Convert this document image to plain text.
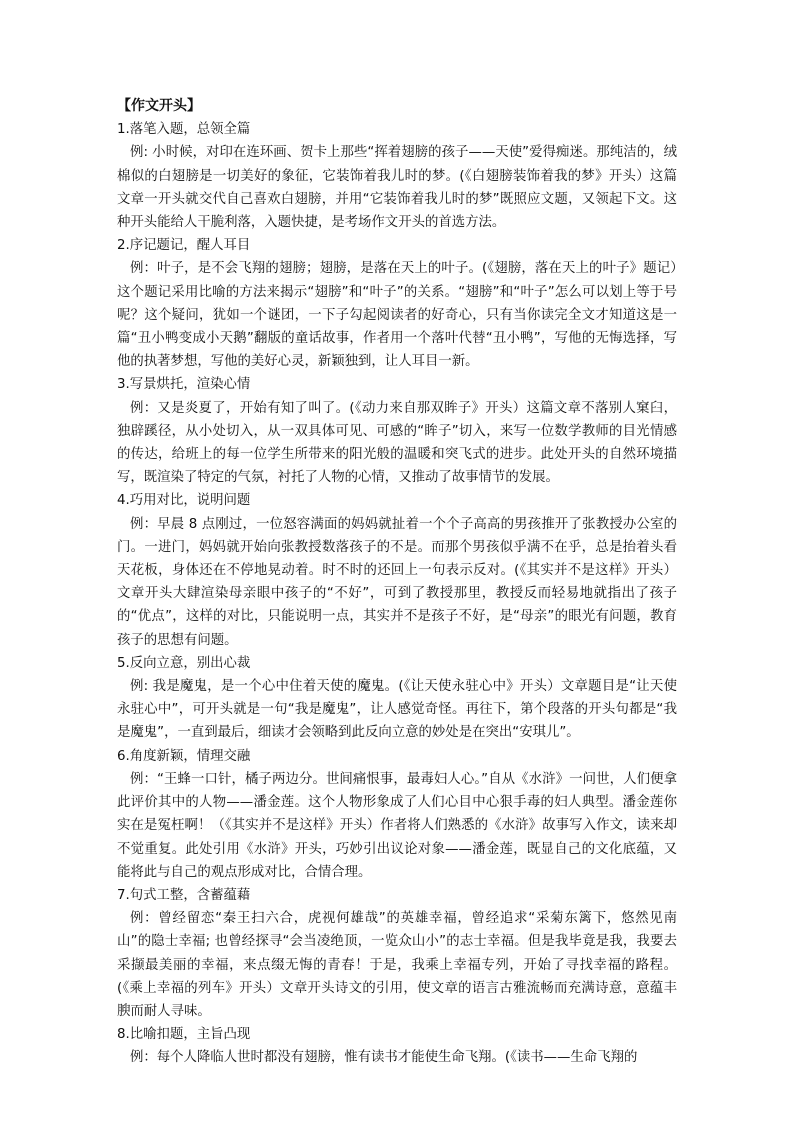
【作文开头】

1.落笔入题，总领全篇

例: 小时候，对印在连环画、贺卡上那些“挥着翅膀的孩子——天使”爱得痴迷。那纯洁的，绒棉似的白翅膀是一切美好的象征，它装饰着我儿时的梦。(《白翅膀装饰着我的梦》开头）这篇文章一开头就交代自己喜欢白翅膀，并用“它装饰着我儿时的梦”既照应文题，又领起下文。这种开头能给人干脆利落，入题快捷，是考场作文开头的首选方法。

2.序记题记，醒人耳目

例：叶子，是不会飞翔的翅膀；翅膀，是落在天上的叶子。(《翅膀，落在天上的叶子》题记）这个题记采用比喻的方法来揭示“翅膀”和“叶子”的关系。“翅膀”和“叶子”怎么可以划上等于号呢？这个疑问，犹如一个谜团，一下子勾起阅读者的好奇心，只有当你读完全文才知道这是一篇“丑小鸭变成小天鹅”翻版的童话故事，作者用一个落叶代替“丑小鸭”，写他的无悔选择，写他的执著梦想，写他的美好心灵，新颖独到，让人耳目一新。

3.写景烘托，渲染心情

例：又是炎夏了，开始有知了叫了。(《动力来自那双眸子》开头）这篇文章不落别人窠臼，独辟蹊径，从小处切入，从一双具体可见、可感的“眸子”切入，来写一位数学教师的目光情感的传达，给班上的每一位学生所带来的阳光般的温暖和突飞式的进步。此处开头的自然环境描写，既渲染了特定的气氛，衬托了人物的心情，又推动了故事情节的发展。

4.巧用对比，说明问题

例：早晨 8 点刚过，一位怒容满面的妈妈就扯着一个个子高高的男孩推开了张教授办公室的门。一进门，妈妈就开始向张教授数落孩子的不是。而那个男孩似乎满不在乎，总是抬着头看天花板，身体还在不停地晃动着。时不时的还回上一句表示反对。(《其实并不是这样》开头）文章开头大肆渲染母亲眼中孩子的“不好”，可到了教授那里，教授反而轻易地就指出了孩子的“优点”，这样的对比，只能说明一点，其实并不是孩子不好，是“母亲”的眼光有问题，教育孩子的思想有问题。

5.反向立意，别出心裁

例: 我是魔鬼，是一个心中住着天使的魔鬼。(《让天使永驻心中》开头）文章题目是“让天使永驻心中”，可开头就是一句“我是魔鬼”，让人感觉奇怪。再往下，第个段落的开头句都是“我是魔鬼”，一直到最后，细读才会领略到此反向立意的妙处是在突出“安琪儿”。

6.角度新颖，情理交融

例：“王蜂一口针，橘子两边分。世间痛恨事，最毒妇人心。”自从《水浒》一问世，人们便拿此评价其中的人物——潘金莲。这个人物形象成了人们心目中心狠手毒的妇人典型。潘金莲你实在是冤枉啊！（《其实并不是这样》开头）作者将人们熟悉的《水浒》故事写入作文，读来却不觉重复。此处引用《水浒》开头，巧妙引出议论对象——潘金莲，既显自己的文化底蕴，又能将此与自己的观点形成对比，合情合理。

7.句式工整，含蓄蕴藉

例：曾经留恋“秦王扫六合，虎视何雄哉”的英雄幸福，曾经追求“采菊东篱下，悠然见南山”的隐士幸福; 也曾经探寻“会当凌绝顶，一览众山小”的志士幸福。但是我毕竟是我，我要去采撷最美丽的幸福，来点缀无悔的青春！于是，我乘上幸福专列，开始了寻找幸福的路程。(《乘上幸福的列车》开头）文章开头诗文的引用，使文章的语言古雅流畅而充满诗意，意蕴丰腴而耐人寻味。

8.比喻扣题，主旨凸现

例：每个人降临人世时都没有翅膀，惟有读书才能使生命飞翔。(《读书——生命飞翔的
